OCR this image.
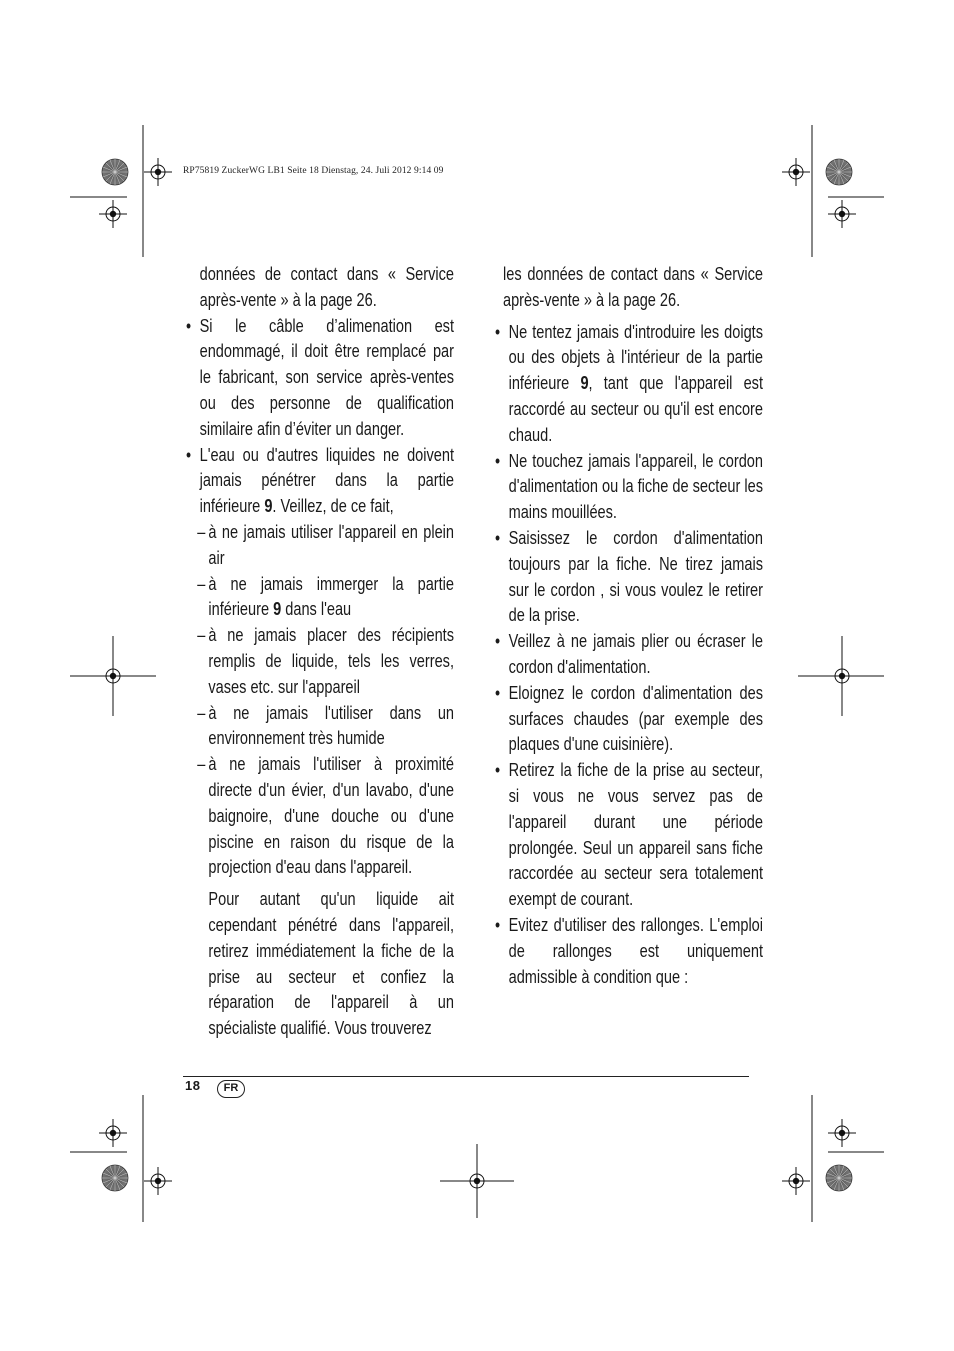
RP75819 ZuckerWG LB1 Seite 18 Dienstag, 24. Juli 2012 9:14 09

données de contact dans « Service après-vente » à la page 26.

• Si le câble d’alimenation est endommagé, il doit être remplacé par le fabricant, son service après-ventes ou des personne de qualification similaire afin d’éviter un danger.

• L'eau ou d'autres liquides ne doivent jamais pénétrer dans la partie inférieure 9. Veillez, de ce fait,

– à ne jamais utiliser l'appareil en plein air

– à ne jamais immerger la partie inférieure 9 dans l'eau

– à ne jamais placer des récipients remplis de liquide, tels les verres, vases etc. sur l'appareil

– à ne jamais l'utiliser dans un environnement très humide

– à ne jamais l'utiliser à proximité directe d'un évier, d'un lavabo, d'une baignoire, d'une douche ou d'une piscine en raison du risque de la projection d'eau dans l'appareil.

Pour autant qu'un liquide ait cependant pénétré dans l'appareil, retirez immédiatement la fiche de la prise au secteur et confiez la réparation de l'appareil à un spécialiste qualifié. Vous trouverez

les données de contact dans « Service après-vente » à la page 26.

• Ne tentez jamais d'introduire les doigts ou des objets à l'intérieur de la partie inférieure 9, tant que l'appareil est raccordé au secteur ou qu'il est encore chaud.

• Ne touchez jamais l'appareil, le cordon d'alimentation ou la fiche de secteur les mains mouillées.

• Saisissez le cordon d'alimentation toujours par la fiche. Ne tirez jamais sur le cordon , si vous voulez le retirer de la prise.

• Veillez à ne jamais plier ou écraser le cordon d'alimentation.

• Eloignez le cordon d'alimentation des surfaces chaudes (par exemple des plaques d'une cuisinière).

• Retirez la fiche de la prise au secteur, si vous ne vous servez pas de l'appareil durant une période prolongée. Seul un appareil sans fiche raccordée au secteur sera totalement exempt de courant.

• Evitez d'utiliser des rallonges. L'emploi de rallonges est uniquement admissible à condition que :

18	FR
